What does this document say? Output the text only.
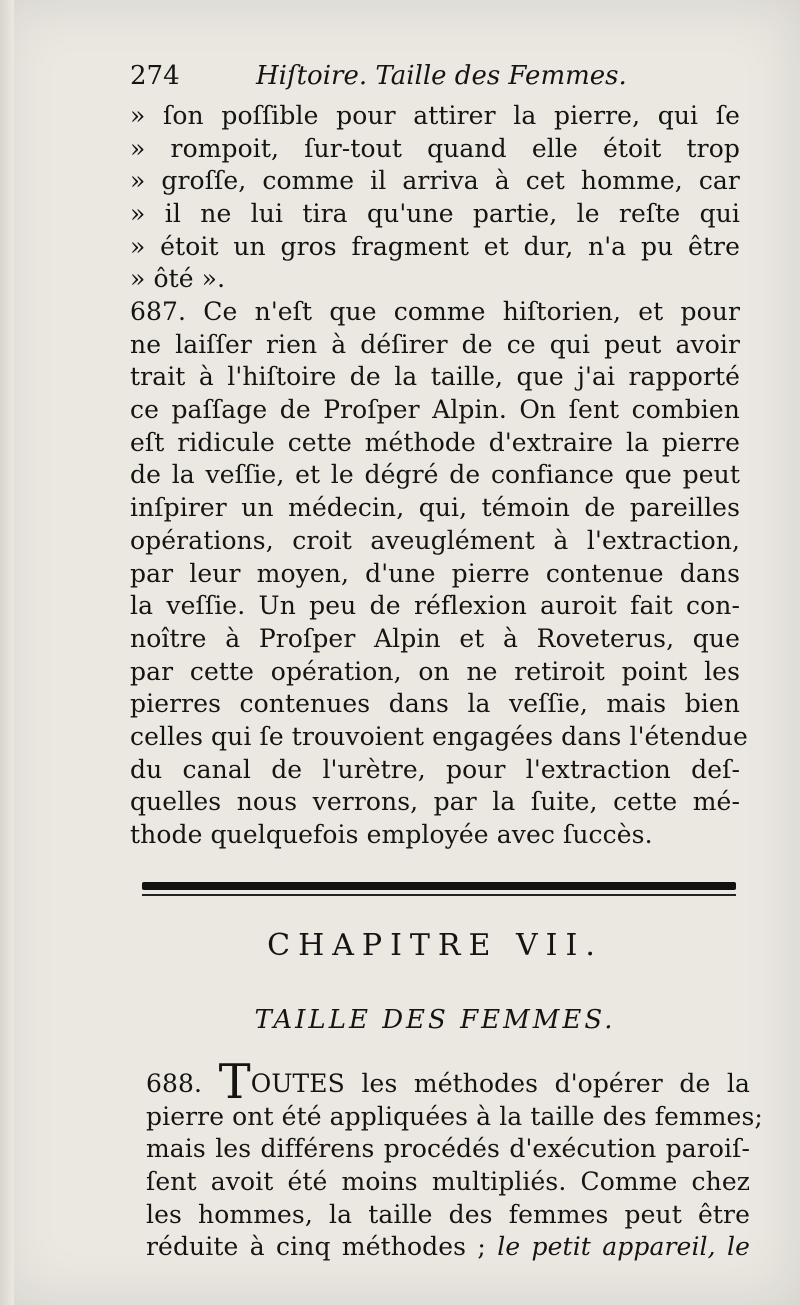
274	Hiſtoire. Taille des Femmes.
» ſon poſſible pour attirer la pierre, qui ſe
» rompoit, ſur-tout quand elle étoit trop
» groſſe, comme il arriva à cet homme, car
» il ne lui tira qu'une partie, le reſte qui
» étoit un gros fragment et dur, n'a pu être
» ôté ».
687. Ce n'eſt que comme hiſtorien, et pour
ne laiſſer rien à déſirer de ce qui peut avoir
trait à l'hiſtoire de la taille, que j'ai rapporté
ce paſſage de Proſper Alpin. On ſent combien
eſt ridicule cette méthode d'extraire la pierre
de la veſſie, et le dégré de confiance que peut
inſpirer un médecin, qui, témoin de pareilles
opérations, croit aveuglément à l'extraction,
par leur moyen, d'une pierre contenue dans
la veſſie. Un peu de réflexion auroit fait con-
noître à Proſper Alpin et à Roveterus, que
par cette opération, on ne retiroit point les
pierres contenues dans la veſſie, mais bien
celles qui ſe trouvoient engagées dans l'étendue
du canal de l'urètre, pour l'extraction deſ-
quelles nous verrons, par la ſuite, cette mé-
thode quelquefois employée avec ſuccès.
CHAPITRE VII.
TAILLE DES FEMMES.
688. TOUTES les méthodes d'opérer de la
pierre ont été appliquées à la taille des femmes;
mais les différens procédés d'exécution paroiſ-
ſent avoit été moins multipliés. Comme chez
les hommes, la taille des femmes peut être
réduite à cinq méthodes ; le petit appareil, le
